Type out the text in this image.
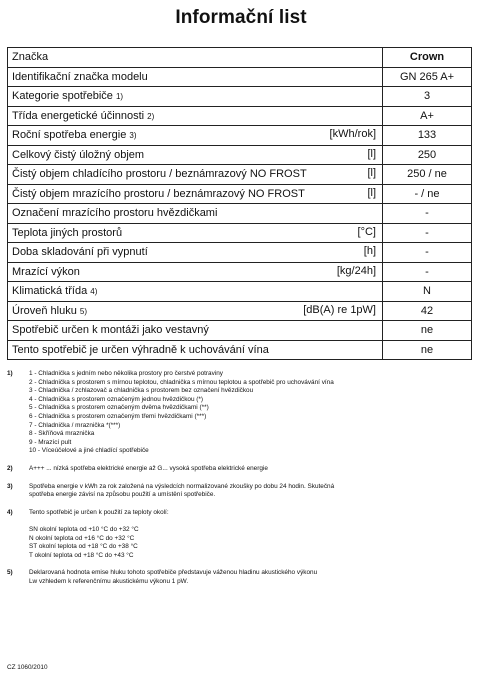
Informační list
Značka	Crown
Identifikační značka modelu	GN 265 A+
Kategorie spotřebiče 1)	3
Třída energetické účinnosti 2)	A+
Roční spotřeba energie 3) [kWh/rok]	133
Celkový čistý úložný objem [l]	250
Čistý objem chladícího prostoru / beznámrazový NO FROST [l]	250 / ne
Čistý objem mrazícího prostoru / beznámrazový NO FROST [l]	- / ne
Označení mrazícího prostoru hvězdičkami	-
Teplota jiných prostorů [°C]	-
Doba skladování při vypnutí [h]	-
Mrazící výkon [kg/24h]	-
Klimatická třída 4)	N
Úroveň hluku 5) [dB(A) re 1pW]	42
Spotřebič určen k montáži jako vestavný	ne
Tento spotřebič je určen výhradně k uchovávání vína	ne
1)	1 - Chladnička s jedním nebo několika prostory pro čerstvé potraviny
2 - Chladnička s prostorem s mírnou teplotou, chladnička s mírnou teplotou a spotřebič pro uchovávání vína
3 - Chladnička / zchlazovač a chladnička s prostorem bez označení hvězdičkou
4 - Chladnička s prostorem označeným jednou hvězdičkou (*)
5 - Chladnička s prostorem označeným dvěma hvězdičkami (**)
6 - Chladnička s prostorem označeným třemi hvězdičkami (***)
7 - Chladnička / mraznička *(***)
8 - Skříňová mraznička
9 - Mrazící pult
10 - Víceúčelové a jiné chladící spotřebiče
2)	A+++ ... nízká spotřeba elektrické energie až G... vysoká spotřeba elektrické energie
3)	Spotřeba energie v kWh za rok založená na výsledcích normalizované zkoušky po dobu 24 hodin. Skutečná
spotřeba energie závisí na způsobu použití a umístění spotřebiče.
4)	Tento spotřebič je určen k použití za teploty okolí:
SN okolní teplota od +10 °C do +32 °C
N okolní teplota od +16 °C do +32 °C
ST okolní teplota od +18 °C do +38 °C
T okolní teplota od +18 °C do +43 °C
5)	Deklarovaná hodnota emise hluku tohoto spotřebiče představuje váženou hladinu akustického výkonu
Lw vzhledem k referenčnímu akustickému výkonu 1 pW.
CZ 1060/2010
